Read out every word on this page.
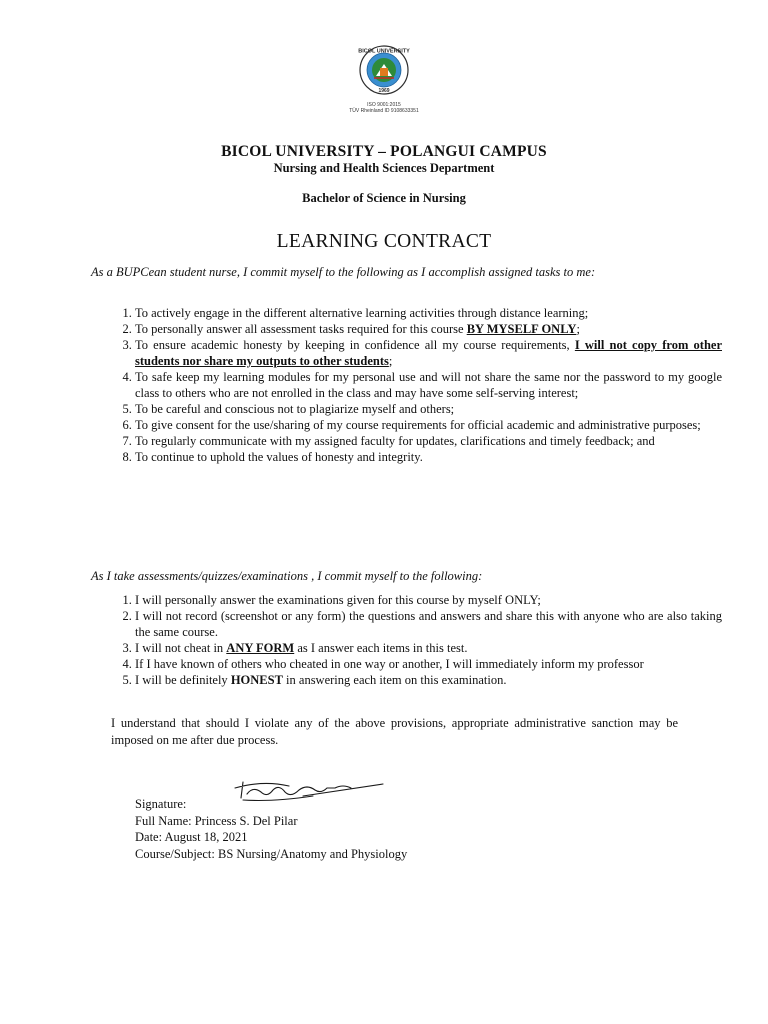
BICOL UNIVERSITY
1969
ISO 9001:2015
TÜV Rheinland ID 9108633351
BICOL UNIVERSITY – POLANGUI CAMPUS
Nursing and Health Sciences Department
Bachelor of Science in Nursing
LEARNING CONTRACT
As a BUPCean student nurse, I commit myself to the following as I accomplish assigned tasks to me:
1. To actively engage in the different alternative learning activities through distance learning;
2. To personally answer all assessment tasks required for this course BY MYSELF ONLY;
3. To ensure academic honesty by keeping in confidence all my course requirements, I will not copy from other students nor share my outputs to other students;
4. To safe keep my learning modules for my personal use and will not share the same nor the password to my google class to others who are not enrolled in the class and may have some self-serving interest;
5. To be careful and conscious not to plagiarize myself and others;
6. To give consent for the use/sharing of my course requirements for official academic and administrative purposes;
7. To regularly communicate with my assigned faculty for updates, clarifications and timely feedback; and
8. To continue to uphold the values of honesty and integrity.
As I take assessments/quizzes/examinations , I commit myself to the following:
1. I will personally answer the examinations given for this course by myself ONLY;
2. I will not record (screenshot or any form) the questions and answers and share this with anyone who are also taking the same course.
3. I will not cheat in ANY FORM as I answer each items in this test.
4. If I have known of others who cheated in one way or another, I will immediately inform my professor
5. I will be definitely HONEST in answering each item on this examination.
I understand that should I violate any of the above provisions, appropriate administrative sanction may be imposed on me after due process.
Signature:
Full Name: Princess S. Del Pilar
Date: August 18, 2021
Course/Subject: BS Nursing/Anatomy and Physiology
